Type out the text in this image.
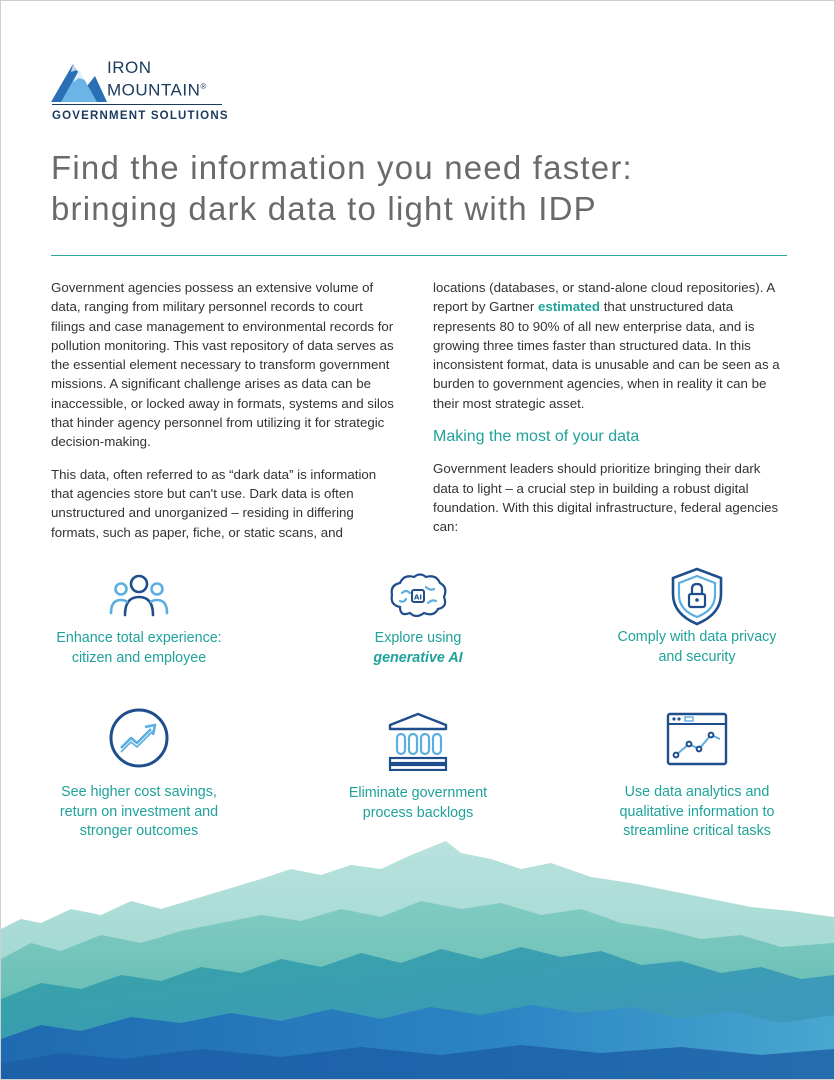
IRON
MOUNTAIN®
GOVERNMENT SOLUTIONS
Find the information you need faster:
bringing dark data to light with IDP

Government agencies possess an extensive volume of data, ranging from military personnel records to court filings and case management to environmental records for pollution monitoring. This vast repository of data serves as the essential element necessary to transform government missions. A significant challenge arises as data can be inaccessible, or locked away in formats, systems and silos that hinder agency personnel from utilizing it for strategic decision-making.

This data, often referred to as “dark data” is information that agencies store but can't use. Dark data is often unstructured and unorganized – residing in differing formats, such as paper, fiche, or static scans, and

locations (databases, or stand-alone cloud repositories). A report by Gartner estimated that unstructured data represents 80 to 90% of all new enterprise data, and is growing three times faster than structured data. In this inconsistent format, data is unusable and can be seen as a burden to government agencies, when in reality it can be their most strategic asset.

Making the most of your data

Government leaders should prioritize bringing their dark data to light – a crucial step in building a robust digital foundation. With this digital infrastructure, federal agencies can:

Enhance total experience:
citizen and employee
AI
Explore using
generative AI
Comply with data privacy
and security
See higher cost savings,
return on investment and
stronger outcomes
Eliminate government
process backlogs
Use data analytics and
qualitative information to
streamline critical tasks
